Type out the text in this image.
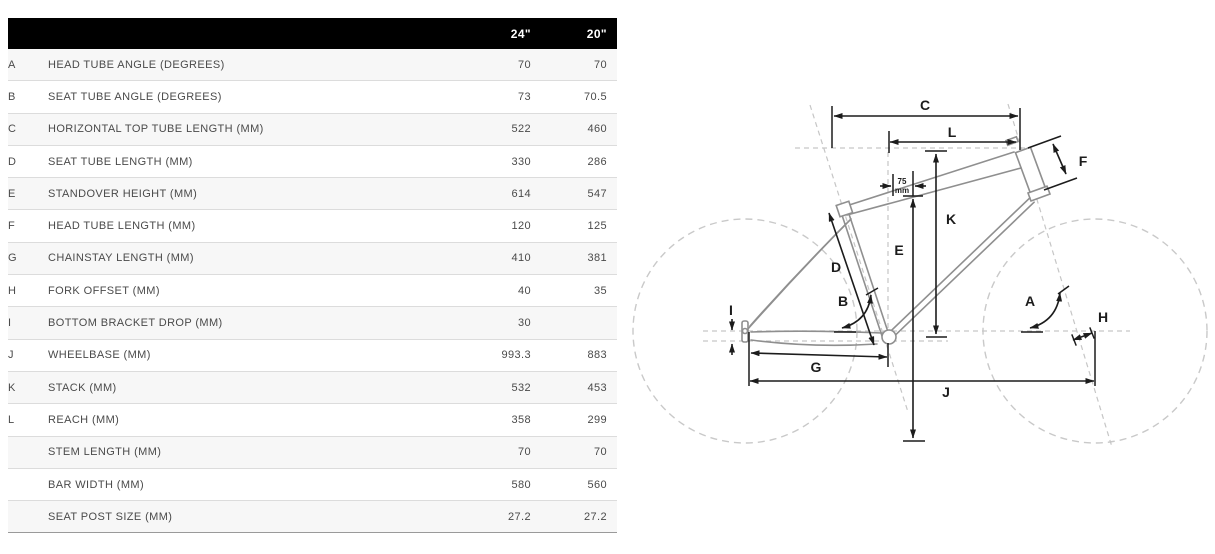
		24"	20"
A	HEAD TUBE ANGLE (DEGREES)	70	70
B	SEAT TUBE ANGLE (DEGREES)	73	70.5
C	HORIZONTAL TOP TUBE LENGTH (MM)	522	460
D	SEAT TUBE LENGTH (MM)	330	286
E	STANDOVER HEIGHT (MM)	614	547
F	HEAD TUBE LENGTH (MM)	120	125
G	CHAINSTAY LENGTH (MM)	410	381
H	FORK OFFSET (MM)	40	35
I	BOTTOM BRACKET DROP (MM)	30	
J	WHEELBASE (MM)	993.3	883
K	STACK (MM)	532	453
L	REACH (MM)	358	299
	STEM LENGTH (MM)	70	70
	BAR WIDTH (MM)	580	560
	SEAT POST SIZE (MM)	27.2	27.2
C
L
F
K
E
D
B	A
H
I
G
J
75
mm
